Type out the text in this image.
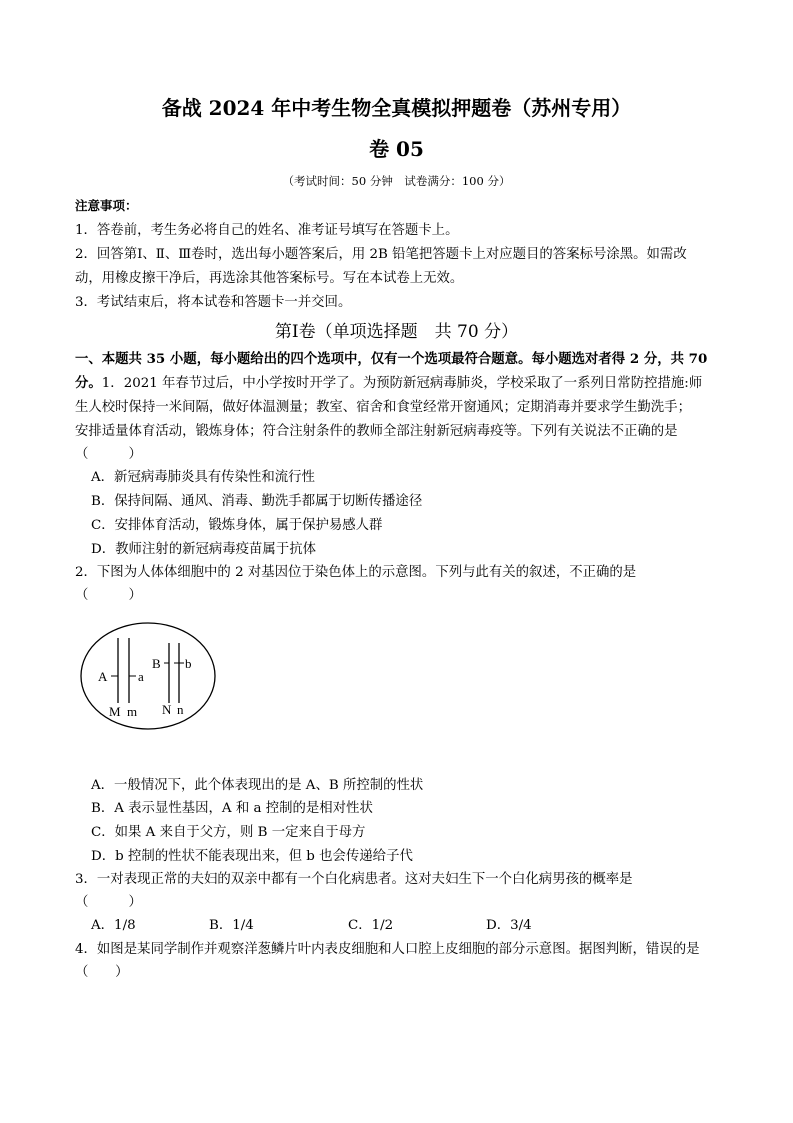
备战 2024 年中考生物全真模拟押题卷（苏州专用）
卷 05
（考试时间：50 分钟　试卷满分：100 分）
注意事项：
1．答卷前，考生务必将自己的姓名、准考证号填写在答题卡上。
2．回答第Ⅰ、Ⅱ、Ⅲ卷时，选出每小题答案后，用 2B 铅笔把答题卡上对应题目的答案标号涂黑。如需改
动，用橡皮擦干净后，再选涂其他答案标号。写在本试卷上无效。
3．考试结束后，将本试卷和答题卡一并交回。
第Ⅰ卷（单项选择题　共 70 分）
一、本题共 35 小题，每小题给出的四个选项中，仅有一个选项最符合题意。每小题选对者得 2 分，共 70
分。1．2021 年春节过后，中小学按时开学了。为预防新冠病毒肺炎，学校采取了一系列日常防控措施:师
生人校时保持一米间隔，做好体温测量；教室、宿舍和食堂经常开窗通风；定期消毒并要求学生勤洗手；
安排适量体育活动，锻炼身体；符合注射条件的教师全部注射新冠病毒疫等。下列有关说法不正确的是
（　　　）
A．新冠病毒肺炎具有传染性和流行性
B．保持间隔、通风、消毒、勤洗手都属于切断传播途径
C．安排体育活动，锻炼身体，属于保护易感人群
D．教师注射的新冠病毒疫苗属于抗体
2．下图为人体体细胞中的 2 对基因位于染色体上的示意图。下列与此有关的叙述，不正确的是
（　　　）
A a
B b
M m N n
A．一般情况下，此个体表现出的是 A、B 所控制的性状
B．A 表示显性基因，A 和 a 控制的是相对性状
C．如果 A 来自于父方，则 B 一定来自于母方
D．b 控制的性状不能表现出来，但 b 也会传递给子代
3．一对表现正常的夫妇的双亲中都有一个白化病患者。这对夫妇生下一个白化病男孩的概率是
（　　　）
A．1/8	B．1/4	C．1/2	D．3/4
4．如图是某同学制作并观察洋葱鳞片叶内表皮细胞和人口腔上皮细胞的部分示意图。据图判断，错误的是
（　　）
